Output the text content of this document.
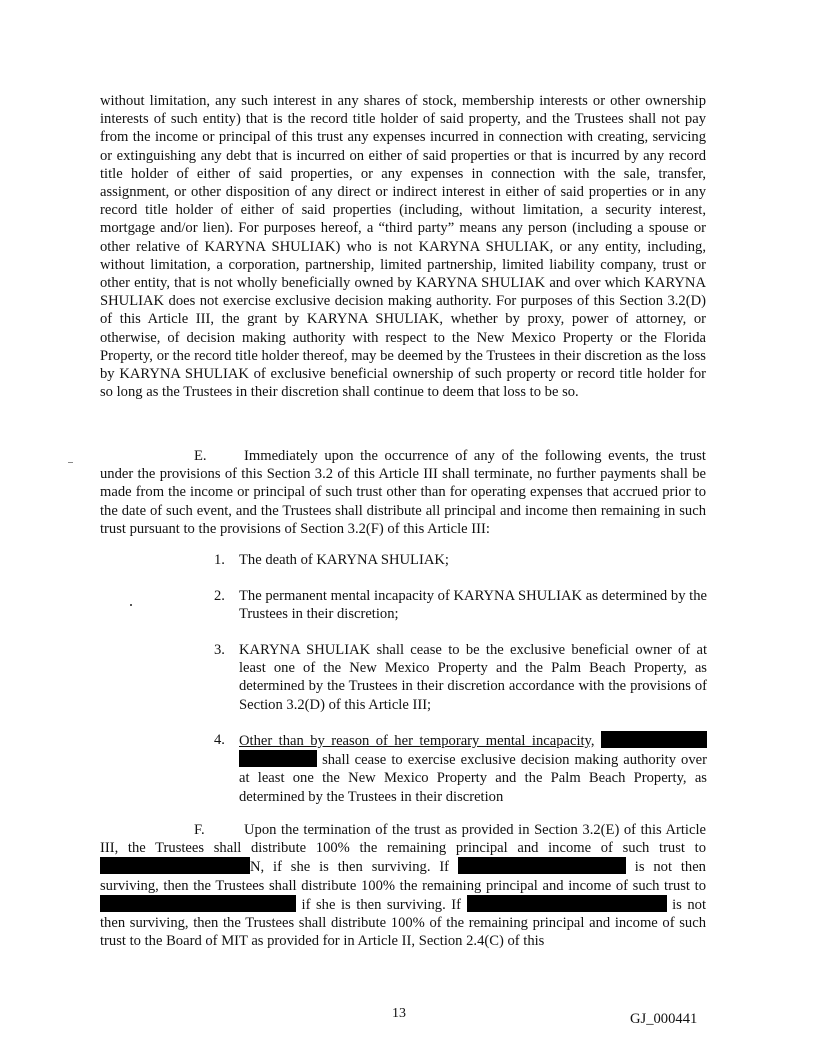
without limitation, any such interest in any shares of stock, membership interests or other ownership interests of such entity) that is the record title holder of said property, and the Trustees shall not pay from the income or principal of this trust any expenses incurred in connection with creating, servicing or extinguishing any debt that is incurred on either of said properties or that is incurred by any record title holder of either of said properties, or any expenses in connection with the sale, transfer, assignment, or other disposition of any direct or indirect interest in either of said properties or in any record title holder of either of said properties (including, without limitation, a security interest, mortgage and/or lien). For purposes hereof, a “third party” means any person (including a spouse or other relative of KARYNA SHULIAK) who is not KARYNA SHULIAK, or any entity, including, without limitation, a corporation, partnership, limited partnership, limited liability company, trust or other entity, that is not wholly beneficially owned by KARYNA SHULIAK and over which KARYNA SHULIAK does not exercise exclusive decision making authority. For purposes of this Section 3.2(D) of this Article III, the grant by KARYNA SHULIAK, whether by proxy, power of attorney, or otherwise, of decision making authority with respect to the New Mexico Property or the Florida Property, or the record title holder thereof, may be deemed by the Trustees in their discretion as the loss by KARYNA SHULIAK of exclusive beneficial ownership of such property or record title holder for so long as the Trustees in their discretion shall continue to deem that loss to be so.

E.	Immediately upon the occurrence of any of the following events, the trust under the provisions of this Section 3.2 of this Article III shall terminate, no further payments shall be made from the income or principal of such trust other than for operating expenses that accrued prior to the date of such event, and the Trustees shall distribute all principal and income then remaining in such trust pursuant to the provisions of Section 3.2(F) of this Article III:

1. The death of KARYNA SHULIAK;
2. The permanent mental incapacity of KARYNA SHULIAK as determined by the Trustees in their discretion;
3. KARYNA SHULIAK shall cease to be the exclusive beneficial owner of at least one of the New Mexico Property and the Palm Beach Property, as determined by the Trustees in their discretion accordance with the provisions of Section 3.2(D) of this Article III;
4. Other than by reason of her temporary mental incapacity,   shall cease to exercise exclusive decision making authority over at least one the New Mexico Property and the Palm Beach Property, as determined by the Trustees in their discretion

F.	Upon the termination of the trust as provided in Section 3.2(E) of this Article III, the Trustees shall distribute 100% the remaining principal and income of such trust to N, if she is then surviving. If	is not then surviving, then the Trustees shall distribute 100% the remaining principal and income of such trust to  if she is then surviving. If	is not then surviving, then the Trustees shall distribute 100% of the remaining principal and income of such trust to the Board of MIT as provided for in Article II, Section 2.4(C) of this

13	GJ_000441
